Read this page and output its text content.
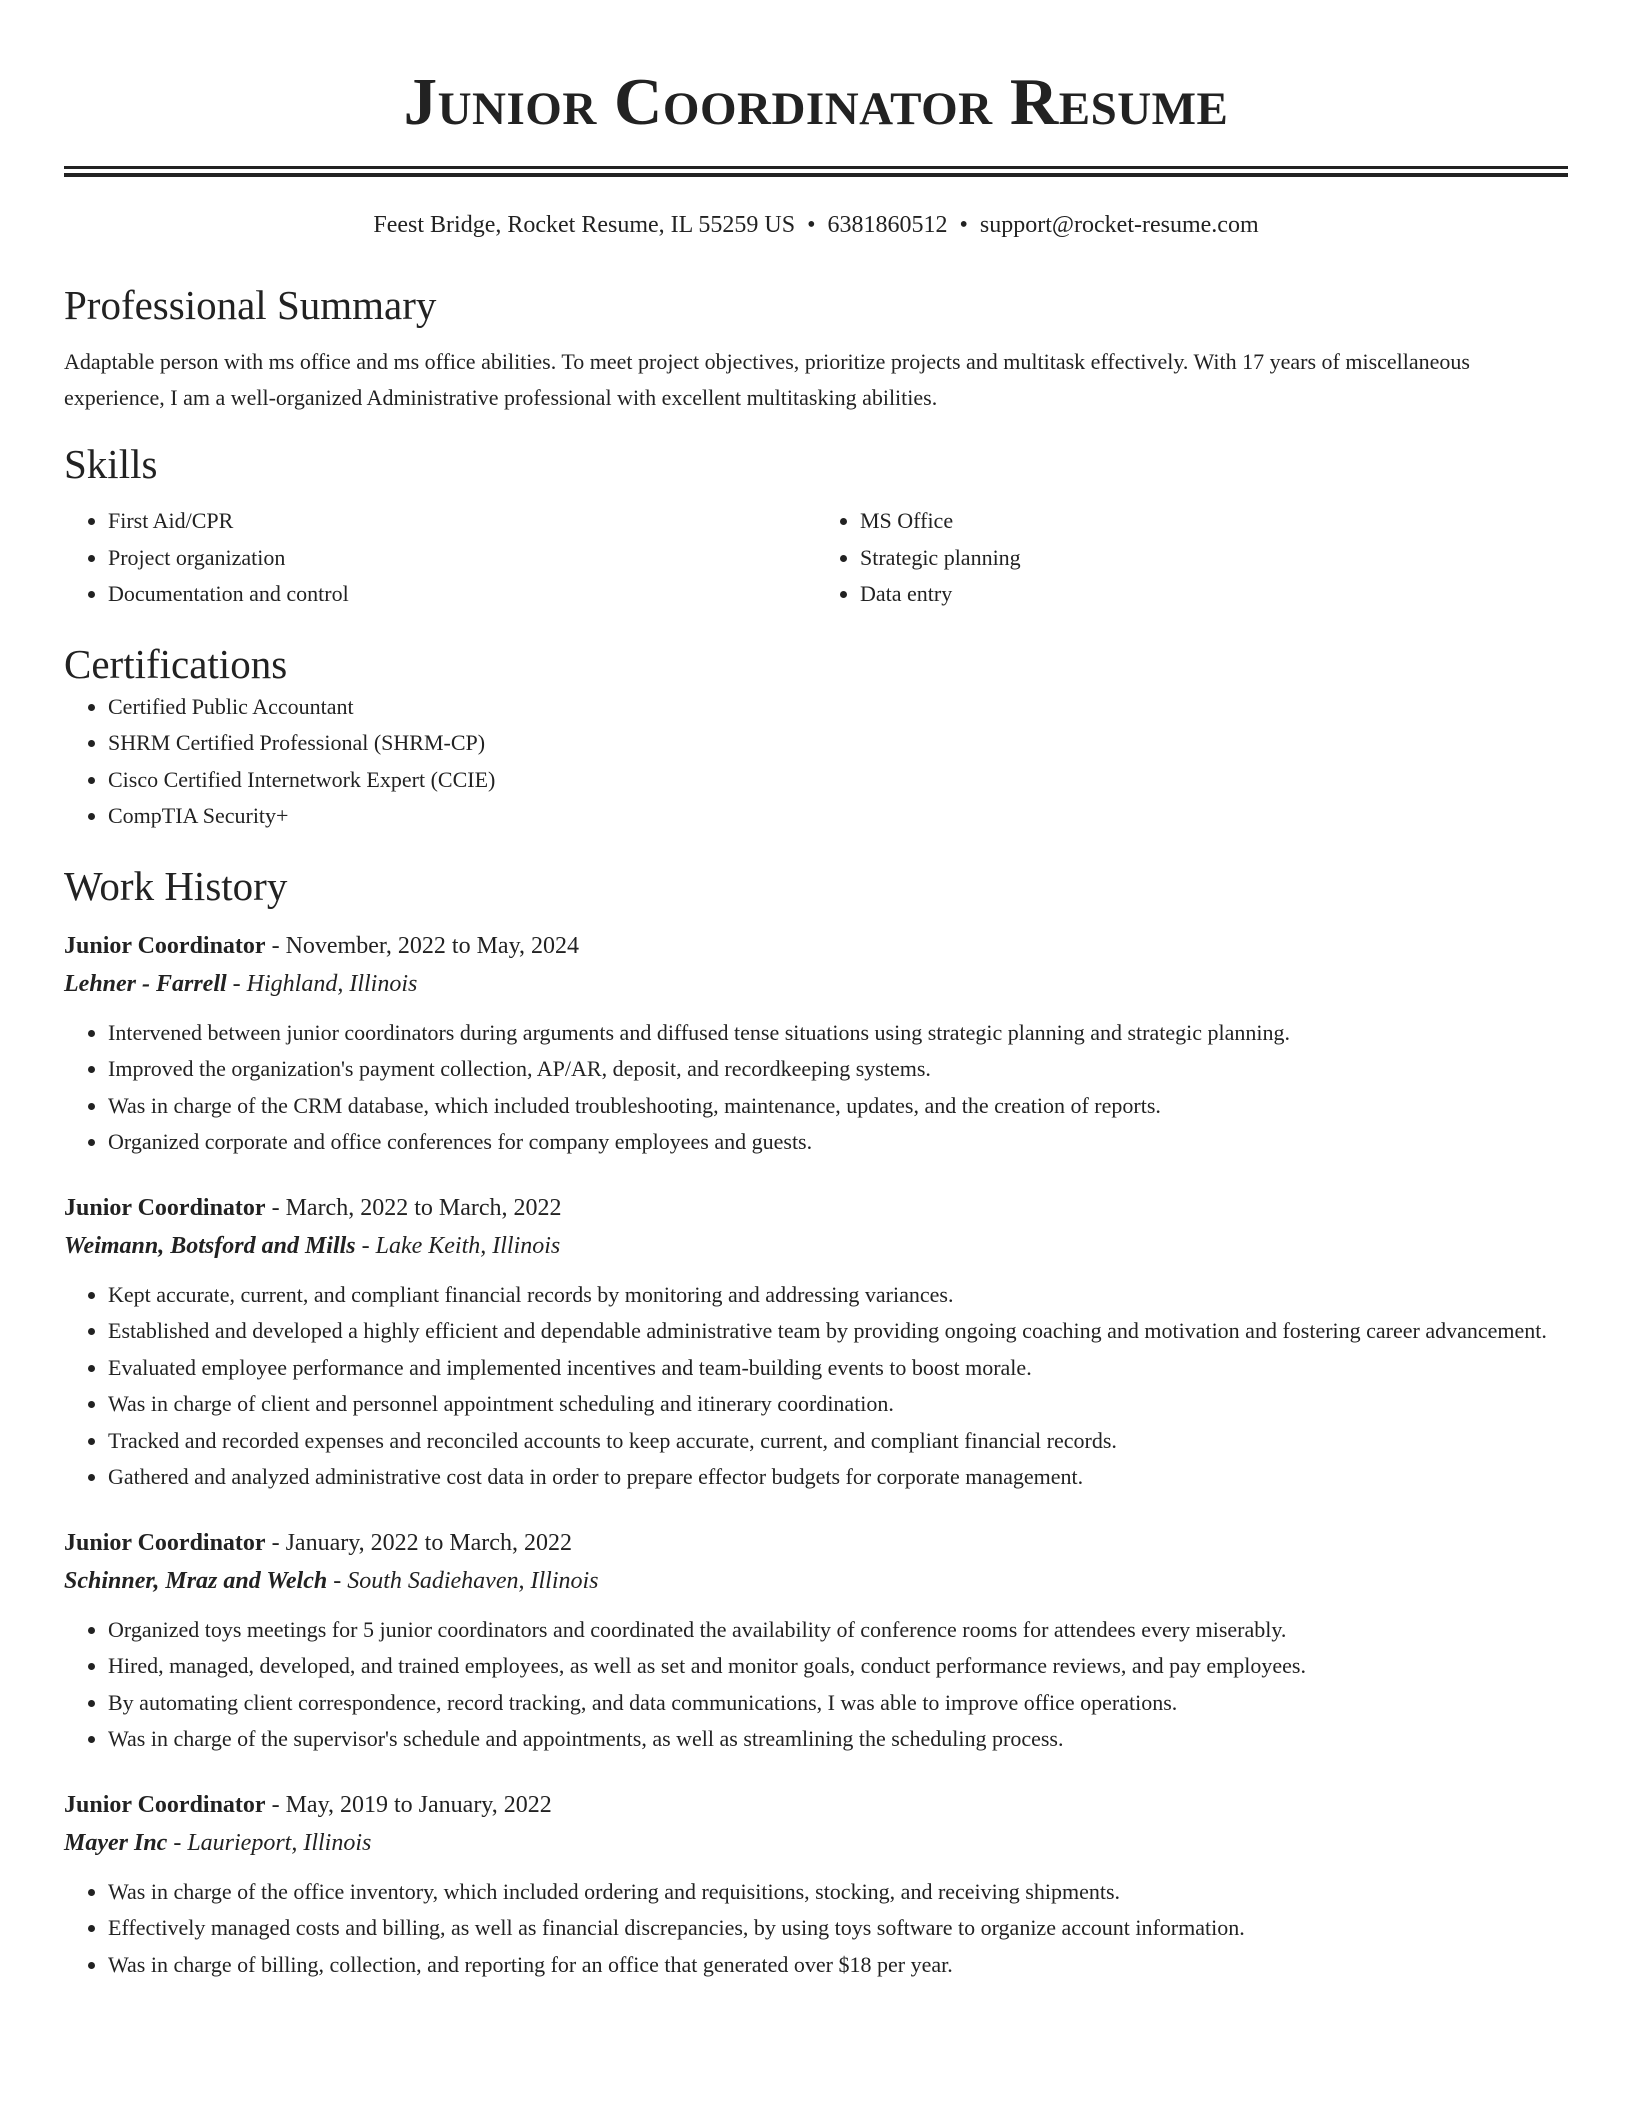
Junior Coordinator Resume
Feest Bridge, Rocket Resume, IL 55259 US • 6381860512 • support@rocket-resume.com
Professional Summary

Adaptable person with ms office and ms office abilities. To meet project objectives, prioritize projects and multitask effectively. With 17 years of miscellaneous experience, I am a well-organized Administrative professional with excellent multitasking abilities.

Skills
• First Aid/CPR
• Project organization
• Documentation and control
• MS Office
• Strategic planning
• Data entry
Certifications
• Certified Public Accountant
• SHRM Certified Professional (SHRM-CP)
• Cisco Certified Internetwork Expert (CCIE)
• CompTIA Security+
Work History
Junior Coordinator - November, 2022 to May, 2024
Lehner - Farrell - Highland, Illinois
• Intervened between junior coordinators during arguments and diffused tense situations using strategic planning and strategic planning.
• Improved the organization's payment collection, AP/AR, deposit, and recordkeeping systems.
• Was in charge of the CRM database, which included troubleshooting, maintenance, updates, and the creation of reports.
• Organized corporate and office conferences for company employees and guests.
Junior Coordinator - March, 2022 to March, 2022
Weimann, Botsford and Mills - Lake Keith, Illinois
• Kept accurate, current, and compliant financial records by monitoring and addressing variances.
• Established and developed a highly efficient and dependable administrative team by providing ongoing coaching and motivation and fostering career advancement.
• Evaluated employee performance and implemented incentives and team-building events to boost morale.
• Was in charge of client and personnel appointment scheduling and itinerary coordination.
• Tracked and recorded expenses and reconciled accounts to keep accurate, current, and compliant financial records.
• Gathered and analyzed administrative cost data in order to prepare effector budgets for corporate management.
Junior Coordinator - January, 2022 to March, 2022
Schinner, Mraz and Welch - South Sadiehaven, Illinois
• Organized toys meetings for 5 junior coordinators and coordinated the availability of conference rooms for attendees every miserably.
• Hired, managed, developed, and trained employees, as well as set and monitor goals, conduct performance reviews, and pay employees.
• By automating client correspondence, record tracking, and data communications, I was able to improve office operations.
• Was in charge of the supervisor's schedule and appointments, as well as streamlining the scheduling process.
Junior Coordinator - May, 2019 to January, 2022
Mayer Inc - Laurieport, Illinois
• Was in charge of the office inventory, which included ordering and requisitions, stocking, and receiving shipments.
• Effectively managed costs and billing, as well as financial discrepancies, by using toys software to organize account information.
• Was in charge of billing, collection, and reporting for an office that generated over $18 per year.
